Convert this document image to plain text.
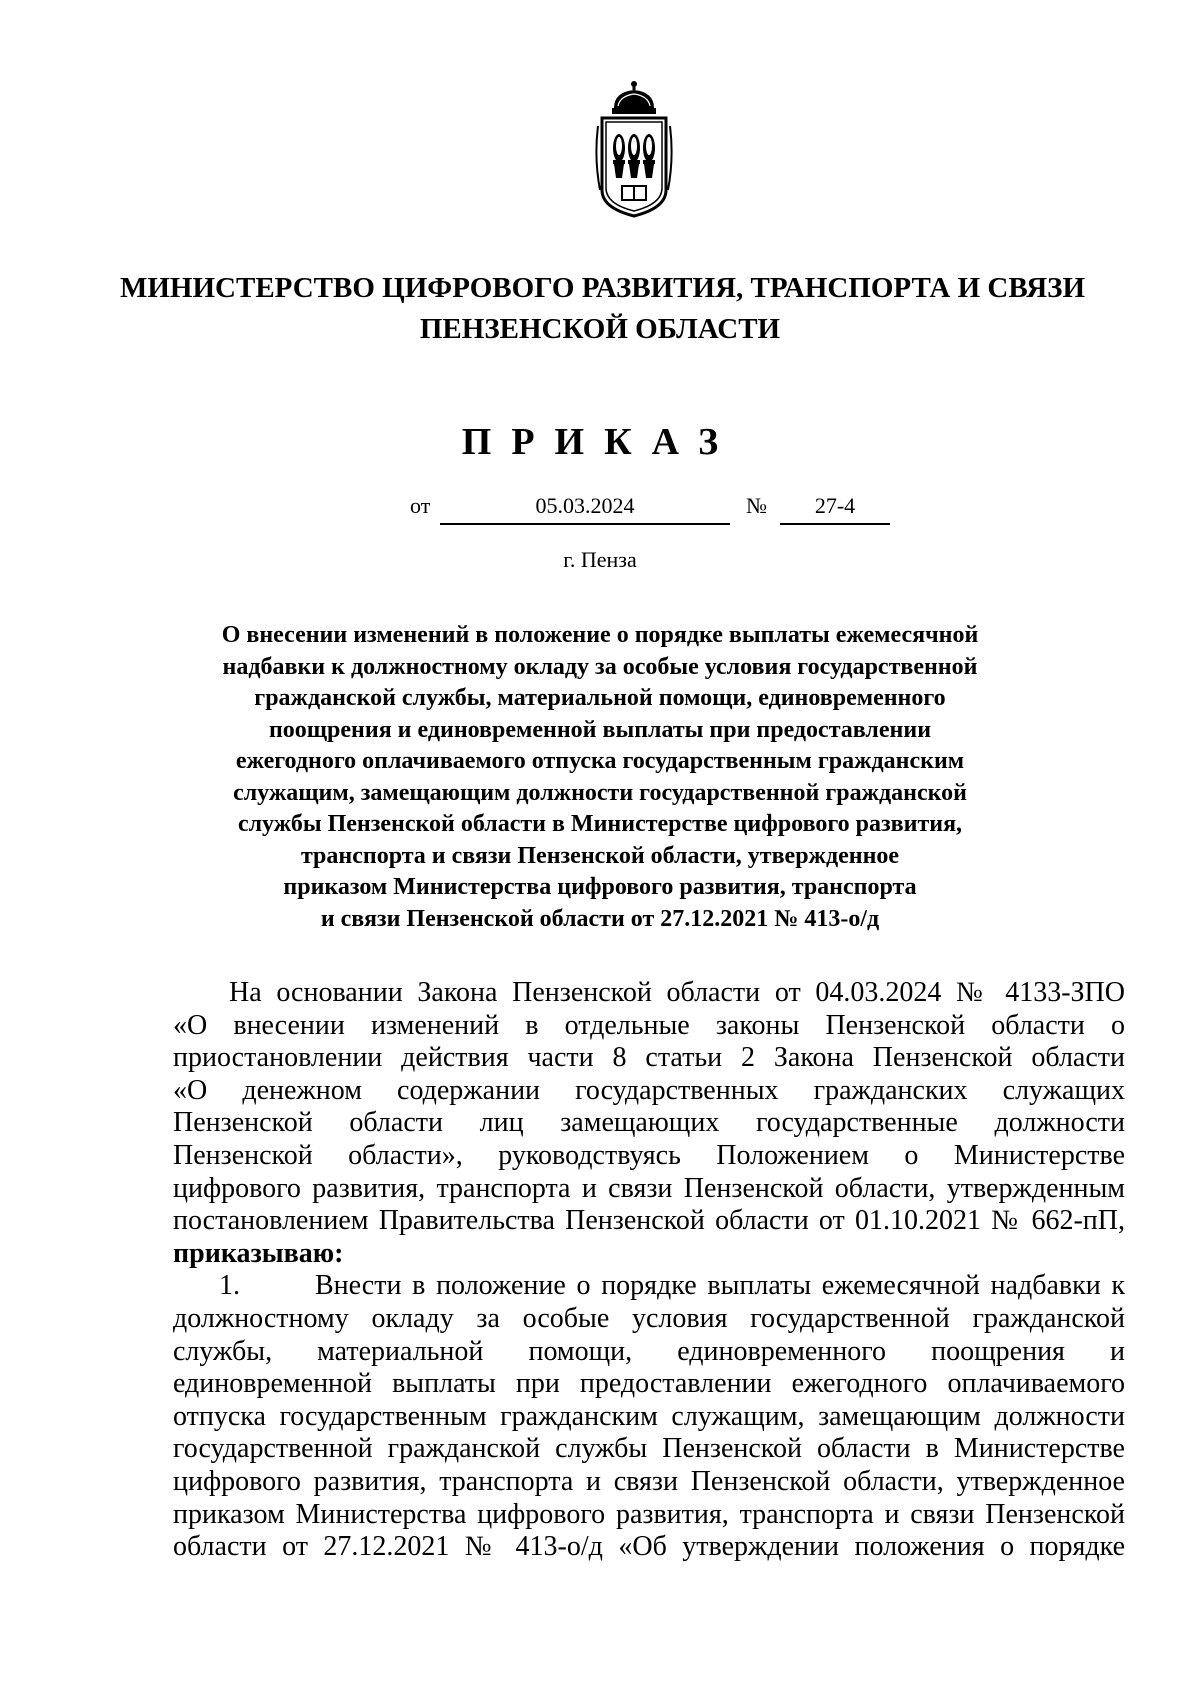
МИНИСТЕРСТВО ЦИФРОВОГО РАЗВИТИЯ, ТРАНСПОРТА И СВЯЗИ
ПЕНЗЕНСКОЙ ОБЛАСТИ
ПРИКАЗ
от	05.03.2024	№	27-4
г. Пенза
О внесении изменений в положение о порядке выплаты ежемесячной
надбавки к должностному окладу за особые условия государственной
гражданской службы, материальной помощи, единовременного
поощрения и единовременной выплаты при предоставлении
ежегодного оплачиваемого отпуска государственным гражданским
служащим, замещающим должности государственной гражданской
службы Пензенской области в Министерстве цифрового развития,
транспорта и связи Пензенской области, утвержденное
приказом Министерства цифрового развития, транспорта
и связи Пензенской области от 27.12.2021 № 413-о/д
На основании Закона Пензенской области от 04.03.2024 № 4133-ЗПО
«О внесении изменений в отдельные законы Пензенской области о
приостановлении действия части 8 статьи 2 Закона Пензенской области
«О денежном содержании государственных гражданских служащих
Пензенской области лиц замещающих государственные должности
Пензенской области», руководствуясь Положением о Министерстве
цифрового развития, транспорта и связи Пензенской области, утвержденным
постановлением Правительства Пензенской области от 01.10.2021 № 662-пП,
приказываю:
1.	Внести в положение о порядке выплаты ежемесячной надбавки к
должностному окладу за особые условия государственной гражданской
службы, материальной помощи, единовременного поощрения и
единовременной выплаты при предоставлении ежегодного оплачиваемого
отпуска государственным гражданским служащим, замещающим должности
государственной гражданской службы Пензенской области в Министерстве
цифрового развития, транспорта и связи Пензенской области, утвержденное
приказом Министерства цифрового развития, транспорта и связи Пензенской
области от 27.12.2021 № 413-о/д «Об утверждении положения о порядке
